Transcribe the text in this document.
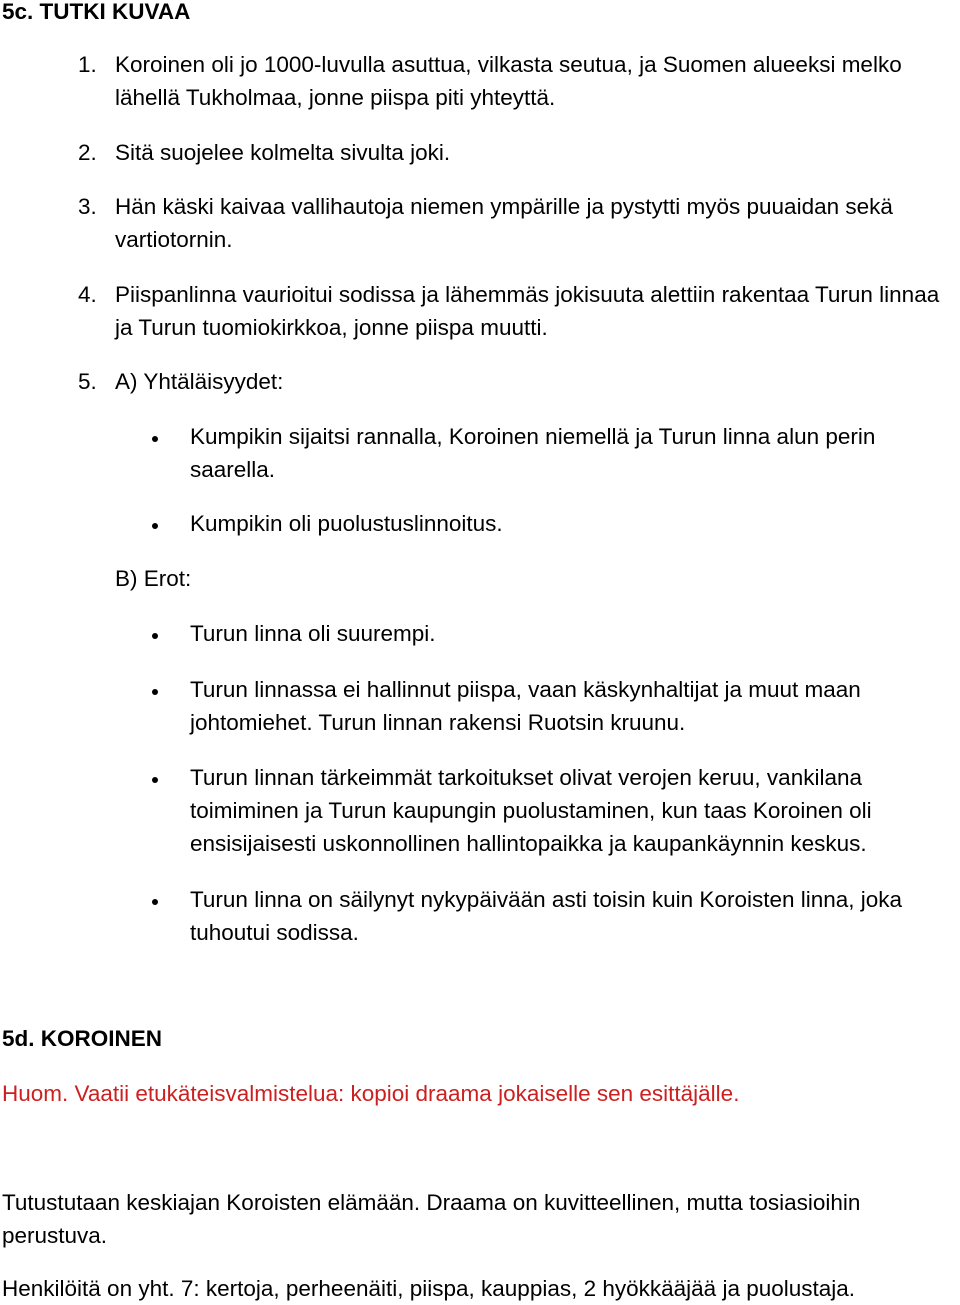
5c. TUTKI KUVAA
1. Koroinen oli jo 1000-luvulla asuttua, vilkasta seutua, ja Suomen alueeksi melko lähellä Tukholmaa, jonne piispa piti yhteyttä.
2. Sitä suojelee kolmelta sivulta joki.
3. Hän käski kaivaa vallihautoja niemen ympärille ja pystytti myös puuaidan sekä vartiotornin.
4. Piispanlinna vaurioitui sodissa ja lähemmäs jokisuuta alettiin rakentaa Turun linnaa ja Turun tuomiokirkkoa, jonne piispa muutti.
5. A) Yhtäläisyydet:
Kumpikin sijaitsi rannalla, Koroinen niemellä ja Turun linna alun perin saarella.
Kumpikin oli puolustuslinnoitus.
B) Erot:
Turun linna oli suurempi.
Turun linnassa ei hallinnut piispa, vaan käskynhaltijat ja muut maan johtomiehet. Turun linnan rakensi Ruotsin kruunu.
Turun linnan tärkeimmät tarkoitukset olivat verojen keruu, vankilana toimiminen ja Turun kaupungin puolustaminen, kun taas Koroinen oli ensisijaisesti uskonnollinen hallintopaikka ja kaupankäynnin keskus.
Turun linna on säilynyt nykypäivään asti toisin kuin Koroisten linna, joka tuhoutui sodissa.
5d. KOROINEN
Huom. Vaatii etukäteisvalmistelua: kopioi draama jokaiselle sen esittäjälle.
Tutustutaan keskiajan Koroisten elämään. Draama on kuvitteellinen, mutta tosiasioihin perustuva.
Henkilöitä on yht. 7: kertoja, perheenäiti, piispa, kauppias, 2 hyökkääjää ja puolustaja.
